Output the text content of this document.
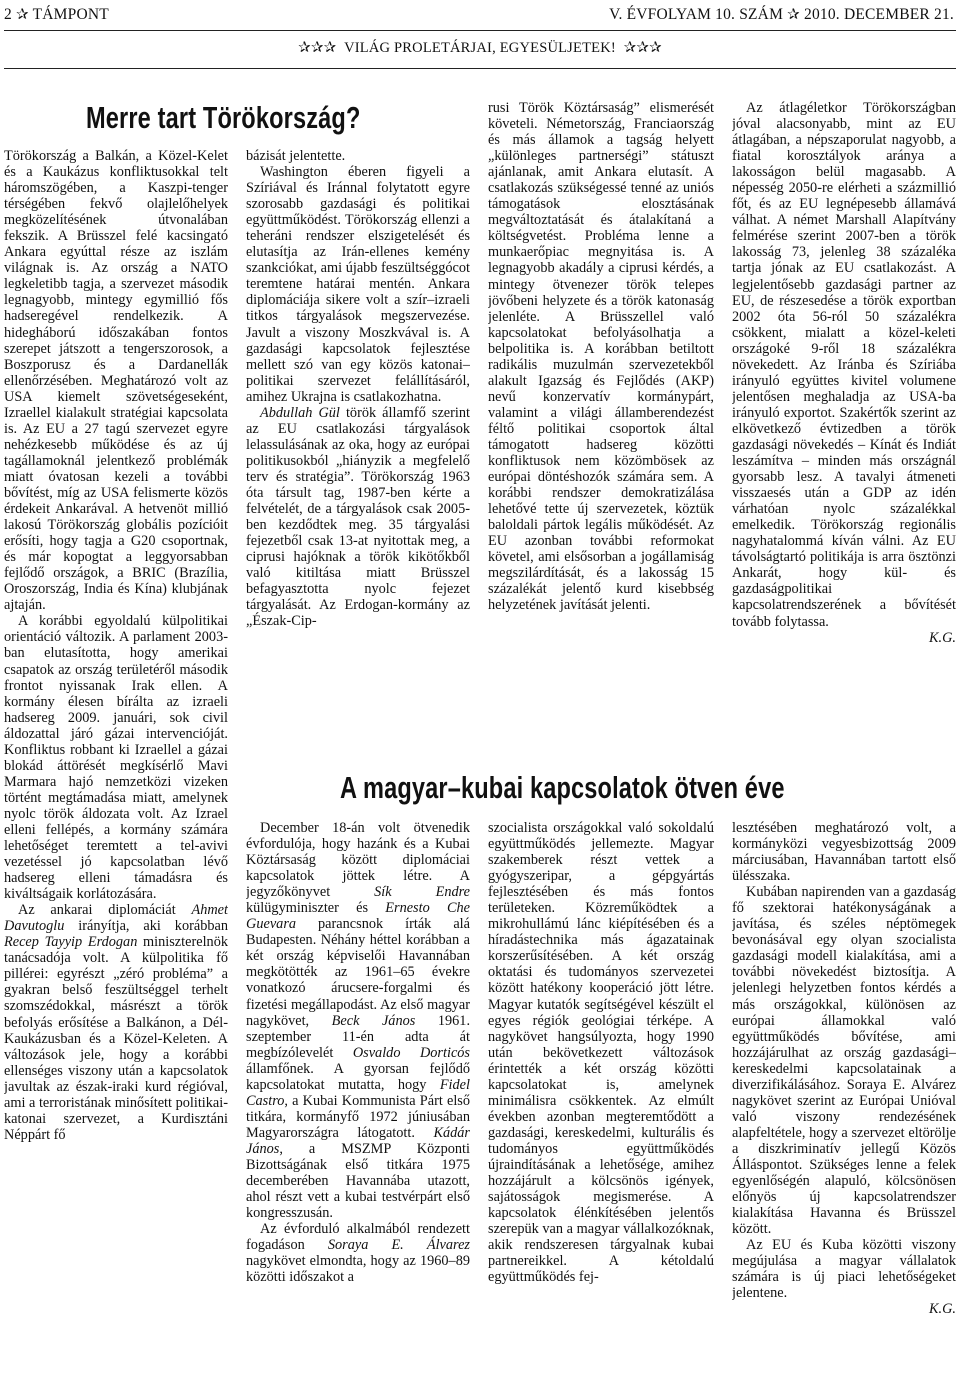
2 ✰ TÁMPONT	V. ÉVFOLYAM 10. SZÁM ✰ 2010. DECEMBER 21.
✰✰✰ VILÁG PROLETÁRJAI, EGYESÜLJETEK! ✰✰✰
Merre tart Törökország?

Törökország a Balkán, a Közel-Kelet és a Kaukázus konfliktusokkal telt háromszögében, a Kaszpi-tenger térségében fekvő olajlelőhelyek megközelítésének útvonalában fekszik. A Brüsszel felé kacsingató Ankara egyúttal része az iszlám világnak is. Az ország a NATO legkeletibb tagja, a szervezet második legnagyobb, mintegy egymillió fős hadseregével rendelkezik. A hidegháború időszakában fontos szerepet játszott a tengerszorosok, a Boszporusz és a Dardanellák ellenőrzésében. Meghatározó volt az USA kiemelt szövetségeseként, Izraellel kialakult stratégiai kapcsolata is. Az EU a 27 tagú szervezet egyre nehézkesebb működése és az új tagállamoknál jelentkező problémák miatt óvatosan kezeli a további bővítést, míg az USA felismerte közös érdekeit Ankarával. A hetvenöt millió lakosú Törökország globális pozícióit erősíti, hogy tagja a G20 csoportnak, és már kopogtat a leggyorsabban fejlődő országok, a BRIC (Brazília, Oroszország, India és Kína) klubjának ajtaján.

A korábbi egyoldalú külpolitikai orientáció változik. A parlament 2003-ban elutasította, hogy amerikai csapatok az ország területéről második frontot nyissanak Irak ellen. A kormány élesen bírálta az izraeli hadsereg 2009. januári, sok civil áldozattal járó gázai intervencióját. Konfliktus robbant ki Izraellel a gázai blokád áttörését megkísérlő Mavi Marmara hajó nemzetközi vizeken történt megtámadása miatt, amelynek nyolc török áldozata volt. Az Izrael elleni fellépés, a kormány számára lehetőséget teremtett a tel-avivi vezetéssel jó kapcsolatban lévő hadsereg elleni támadásra és kiváltságaik korlátozására.

Az ankarai diplomáciát Ahmet Davutoglu irányítja, aki korábban Recep Tayyip Erdogan miniszterelnök tanácsadója volt. A külpolitika fő pillérei: egyrészt „zéró probléma” a gyakran belső feszültséggel terhelt szomszédokkal, másrészt a török befolyás erősítése a Balkánon, a Dél-Kaukázusban és a Közel-Keleten. A változások jele, hogy a korábbi ellenséges viszony után a kapcsolatok javultak az észak-iraki kurd régióval, ami a terroristának minősített politikai-katonai szervezet, a Kurdisztáni Néppárt fő

bázisát jelentette.

Washington éberen figyeli a Szíriával és Iránnal folytatott egyre szorosabb gazdasági és politikai együttműködést. Törökország ellenzi a teheráni rendszer elszigetelését és elutasítja az Irán-ellenes kemény szankciókat, ami újabb feszültséggócot teremtene határai mentén. Ankara diplomáciája sikere volt a szír–izraeli titkos tárgyalások megszervezése. Javult a viszony Moszkvával is. A gazdasági kapcsolatok fejlesztése mellett szó van egy közös katonai–politikai szervezet felállításáról, amihez Ukrajna is csatlakozhatna.

Abdullah Gül török államfő szerint az EU csatlakozási tárgyalások lelassulásának az oka, hogy az európai politikusokból „hiányzik a megfelelő terv és stratégia”. Törökország 1963 óta társult tag, 1987-ben kérte a felvételét, de a tárgyalások csak 2005-ben kezdődtek meg. 35 tárgyalási fejezetből csak 13-at nyitottak meg, a ciprusi hajóknak a török kikötőkből való kitiltása miatt Brüsszel befagyasztotta nyolc fejezet tárgyalását. Az Erdogan-kormány az „Észak-Cip-

rusi Török Köztársaság” elismerését követeli. Németország, Franciaország és más államok a tagság helyett „különleges partnerségi” státuszt ajánlanak, amit Ankara elutasít. A csatlakozás szükségessé tenné az uniós támogatások elosztásának megváltoztatását és átalakítaná a költségvetést. Probléma lenne a munkaerőpiac megnyitása is. A legnagyobb akadály a ciprusi kérdés, a mintegy ötvenezer török telepes jövőbeni helyzete és a török katonaság jelenléte. A Brüsszellel való kapcsolatokat befolyásolhatja a belpolitika is. A korábban betiltott radikális muzulmán szervezetekből alakult Igazság és Fejlődés (AKP) nevű konzervatív kormánypárt, valamint a világi államberendezést féltő politikai csoportok által támogatott hadsereg közötti konfliktusok nem közömbösek az európai döntéshozók számára sem. A korábbi rendszer demokratizálása lehetővé tette új szervezetek, köztük baloldali pártok legális működését. Az EU azonban további reformokat követel, ami elsősorban a jogállamiság megszilárdítását, és a lakosság 15 százalékát jelentő kurd kisebbség helyzetének javítását jelenti.

Az átlagéletkor Törökországban jóval alacsonyabb, mint az EU átlagában, a népszaporulat nagyobb, a fiatal korosztályok aránya a lakosságon belül magasabb. A népesség 2050-re elérheti a százmillió főt, és az EU legnépesebb államává válhat. A német Marshall Alapítvány felmérése szerint 2007-ben a török lakosság 73, jelenleg 38 százaléka tartja jónak az EU csatlakozást. A legjelentősebb gazdasági partner az EU, de részesedése a török exportban 2002 óta 56-ról 50 százalékra csökkent, mialatt a közel-keleti országoké 9-ről 18 százalékra növekedett. Az Iránba és Szíriába irányuló együttes kivitel volumene jelentősen meghaladja az USA-ba irányuló exportot. Szakértők szerint az elkövetkező évtizedben a török gazdasági növekedés – Kínát és Indiát leszámítva – minden más országnál gyorsabb lesz. A tavalyi átmeneti visszaesés után a GDP az idén várhatóan nyolc százalékkal emelkedik. Törökország regionális nagyhatalommá kíván válni. Az EU távolságtartó politikája is arra ösztönzi Ankarát, hogy kül- és gazdaságpolitikai kapcsolatrendszerének a bővítését tovább folytassa.

K.G.

A magyar–kubai kapcsolatok ötven éve

December 18-án volt ötvenedik évfordulója, hogy hazánk és a Kubai Köztársaság között diplomáciai kapcsolatok jöttek létre. A jegyzőkönyvet	Sík Endre külügyminiszter és Ernesto Che Guevara parancsnok írták alá Budapesten. Néhány héttel korábban a két ország képviselői Havannában megkötötték az 1961–65 évekre vonatkozó árucsere-forgalmi és fizetési megállapodást. Az első magyar nagykövet, Beck János 1961. szeptember 11-én adta át megbízólevelét Osvaldo Dorticós államfőnek. A gyorsan fejlődő kapcsolatokat mutatta, hogy Fidel Castro, a Kubai Kommunista Párt első titkára, kormányfő 1972 júniusában Magyarországra látogatott. Kádár János, a MSZMP Központi Bizottságának első titkára 1975 decemberében Havannába utazott, ahol részt vett a kubai testvérpárt első kongresszusán.

Az évforduló alkalmából rendezett fogadáson Soraya E. Álvarez nagykövet elmondta, hogy az 1960–89 közötti időszakot a

szocialista országokkal való sokoldalú együttműködés jellemezte. Magyar szakemberek részt vettek a gyógyszeripar, a gépgyártás fejlesztésében és más fontos területeken. Közreműködtek a mikrohullámú lánc kiépítésében és a híradástechnika más ágazatainak korszerűsítésében. A két ország oktatási és tudományos szervezetei között hatékony kooperáció jött létre. Magyar kutatók segítségével készült el egyes régiók geológiai térképe. A nagykövet hangsúlyozta, hogy 1990 után bekövetkezett változások érintették a két ország közötti kapcsolatokat is, amelynek minimálisra csökkentek. Az elmúlt években azonban megteremtődött a gazdasági, kereskedelmi, kulturális és tudományos együttműködés újraindításának a lehetősége, amihez hozzájárult a kölcsönös igények, sajátosságok megismerése. A kapcsolatok élénkítésében jelentős szerepük van a magyar vállalkozóknak, akik rendszeresen tárgyalnak kubai partnereikkel. A kétoldalú együttműködés fej-

lesztésében meghatározó volt, a kormányközi vegyesbizottság 2009 márciusában, Havannában tartott első ülésszaka.

Kubában napirenden van a gazdaság fő szektorai hatékonyságának a javítása, és széles néptömegek bevonásával egy olyan szocialista gazdasági modell kialakítása, ami a további növekedést biztosítja. A jelenlegi helyzetben fontos kérdés a más országokkal, különösen az európai államokkal való együttműködés bővítése, ami hozzájárulhat az ország gazdasági–kereskedelmi kapcsolatainak a diverzifikálásához. Soraya E. Alvárez nagykövet szerint az Európai Unióval való viszony rendezésének alapfeltétele, hogy a szervezet eltörölje a diszkriminatív jellegű Közös Álláspontot. Szükséges lenne a felek egyenlőségén alapuló, kölcsönösen előnyös új kapcsolatrendszer kialakítása Havanna és Brüsszel között.

Az EU és Kuba közötti viszony megújulása a magyar vállalatok számára is új piaci lehetőségeket jelentene.

K.G.
